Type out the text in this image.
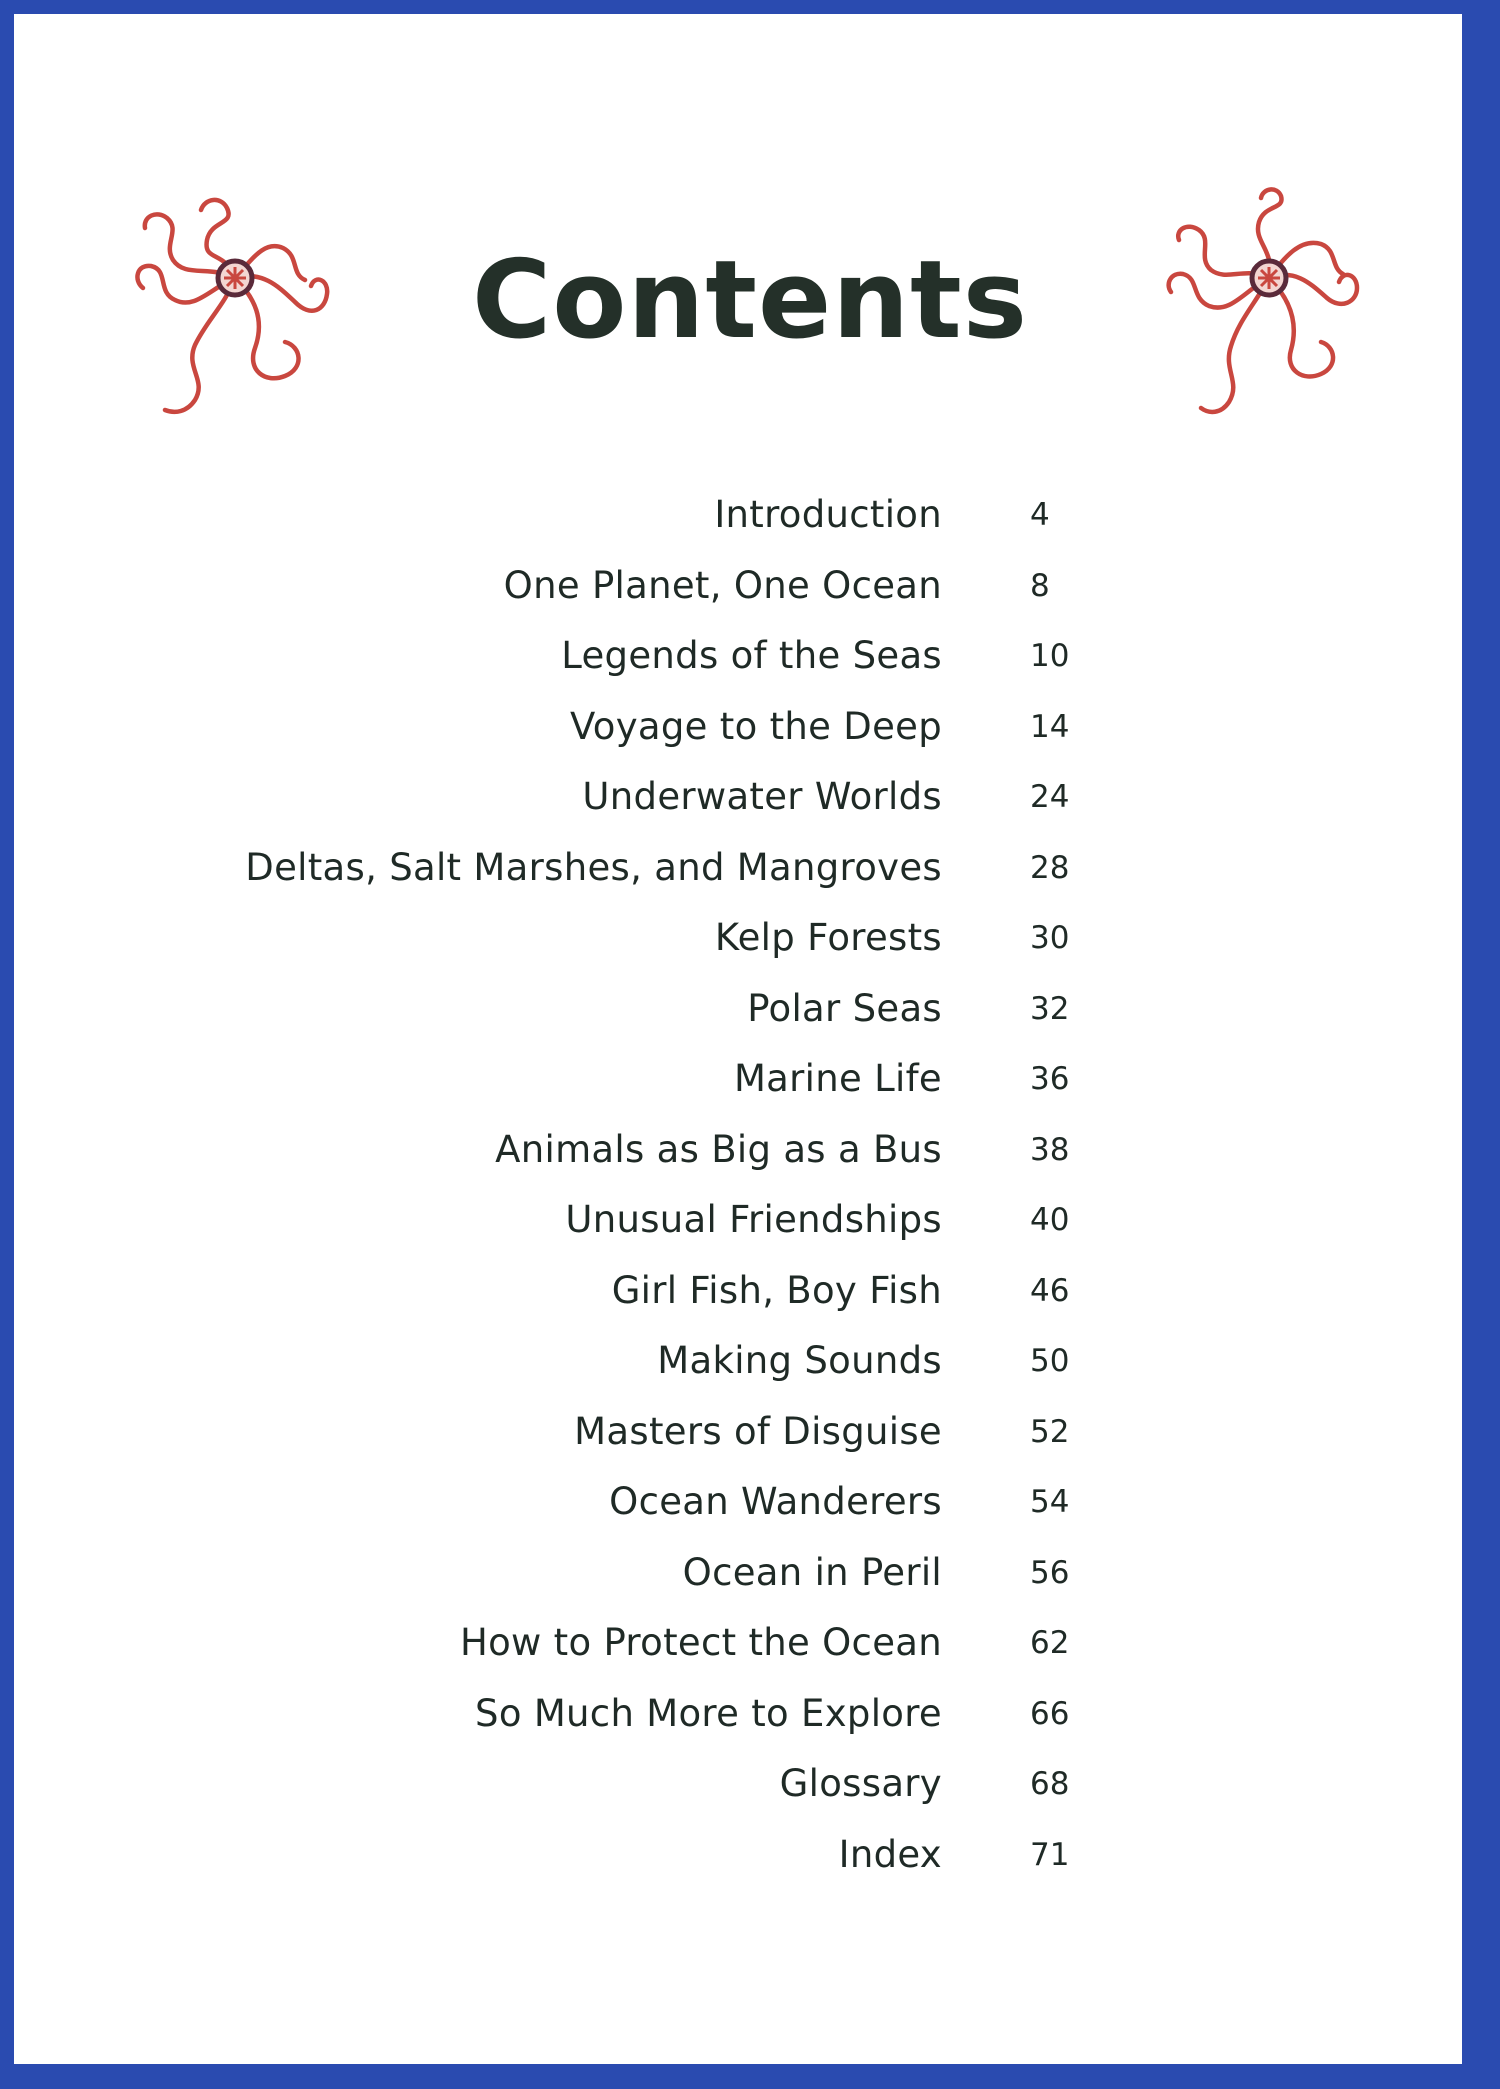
Contents
Introduction	4
One Planet, One Ocean	8
Legends of the Seas	10
Voyage to the Deep	14
Underwater Worlds	24
Deltas, Salt Marshes, and Mangroves	28
Kelp Forests	30
Polar Seas	32
Marine Life	36
Animals as Big as a Bus	38
Unusual Friendships	40
Girl Fish, Boy Fish	46
Making Sounds	50
Masters of Disguise	52
Ocean Wanderers	54
Ocean in Peril	56
How to Protect the Ocean	62
So Much More to Explore	66
Glossary	68
Index	71
